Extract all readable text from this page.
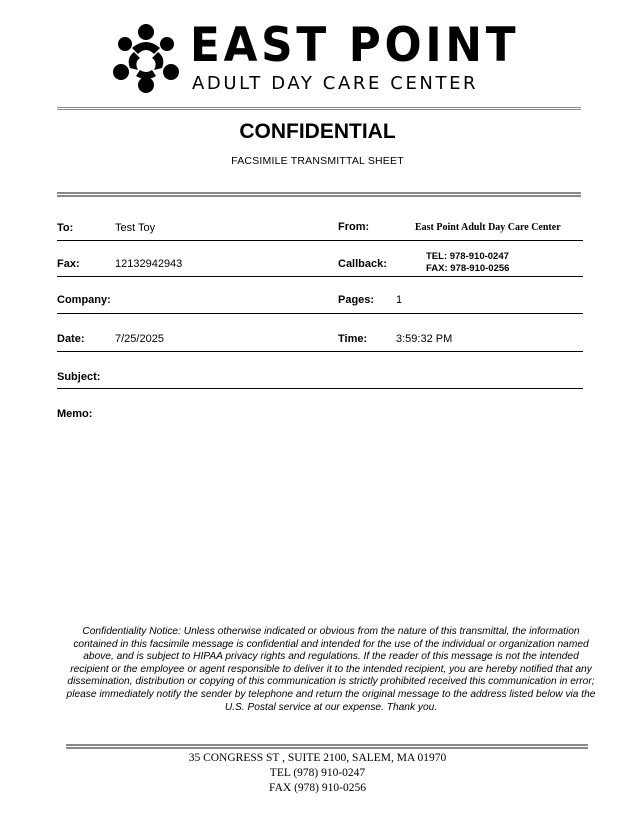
EAST POINT
ADULT DAY CARE CENTER
CONFIDENTIAL
FACSIMILE TRANSMITTAL SHEET
To:	Test Toy	From:	East Point Adult Day Care Center
Fax:	12132942943	Callback:
TEL: 978-910-0247
FAX: 978-910-0256
Company:	Pages: 1
Date:	7/25/2025	Time:	3:59:32 PM
Subject:
Memo:
Confidentiality Notice: Unless otherwise indicated or obvious from the nature of this transmittal, the information contained in this facsimile message is confidential and intended for the use of the individual or organization named above, and is subject to HIPAA privacy rights and regulations. If the reader of this message is not the intended recipient or the employee or agent responsible to deliver it to the intended recipient, you are hereby notified that any dissemination, distribution or copying of this communication is strictly prohibited received this communication in error; please immediately notify the sender by telephone and return the original message to the address listed below via the U.S. Postal service at our expense. Thank you.
35 CONGRESS ST , SUITE 2100, SALEM, MA 01970
TEL (978) 910-0247
FAX (978) 910-0256
